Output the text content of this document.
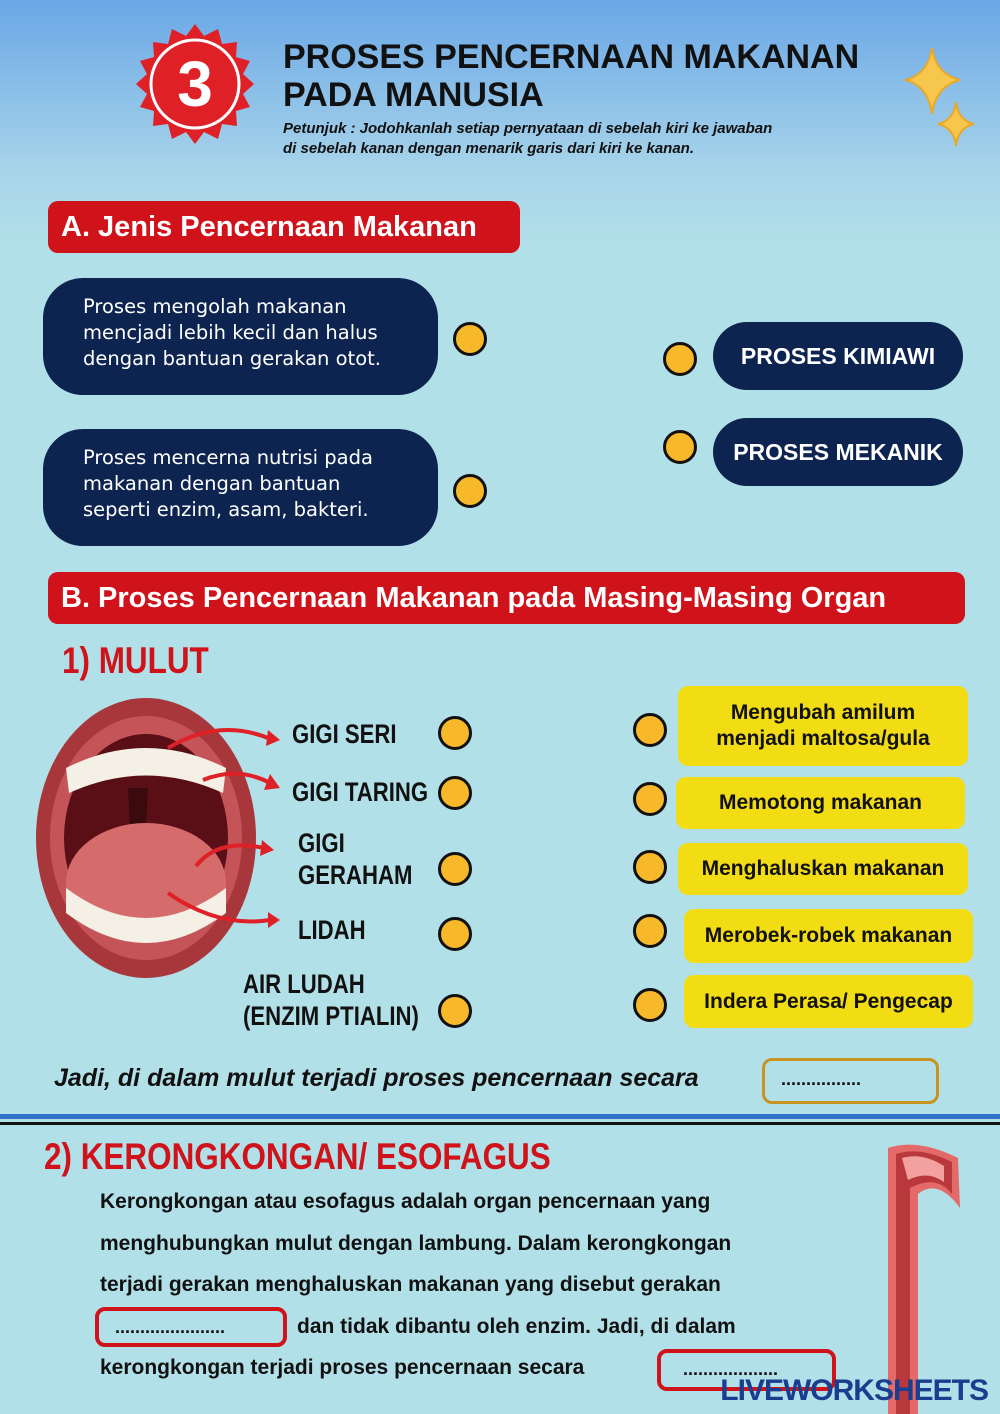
3 PROSES PENCERNAAN MAKANAN
PADA MANUSIA
Petunjuk : Jodohkanlah setiap pernyataan di sebelah kiri ke jawaban
di sebelah kanan dengan menarik garis dari kiri ke kanan.
A. Jenis Pencernaan Makanan
Proses mengolah makanan
mencjadi lebih kecil dan halus
dengan bantuan gerakan otot.
Proses mencerna nutrisi pada
makanan dengan bantuan
seperti enzim, asam, bakteri.
PROSES KIMIAWI
PROSES MEKANIK
B. Proses Pencernaan Makanan pada Masing-Masing Organ
1) MULUT
GIGI SERI
GIGI TARING
GIGI
GERAHAM
LIDAH
AIR LUDAH
(ENZIM PTIALIN)
Mengubah amilum
menjadi maltosa/gula
Memotong makanan
Menghaluskan makanan
Merobek-robek makanan
Indera Perasa/ Pengecap
Jadi, di dalam mulut terjadi proses pencernaan secara	................
2) KERONGKONGAN/ ESOFAGUS
Kerongkongan atau esofagus adalah organ pencernaan yang
menghubungkan mulut dengan lambung. Dalam kerongkongan
terjadi gerakan menghaluskan makanan yang disebut gerakan
dan tidak dibantu oleh enzim. Jadi, di dalam
kerongkongan terjadi proses pencernaan secara
......................
...................
LIVEWORKSHEETS
